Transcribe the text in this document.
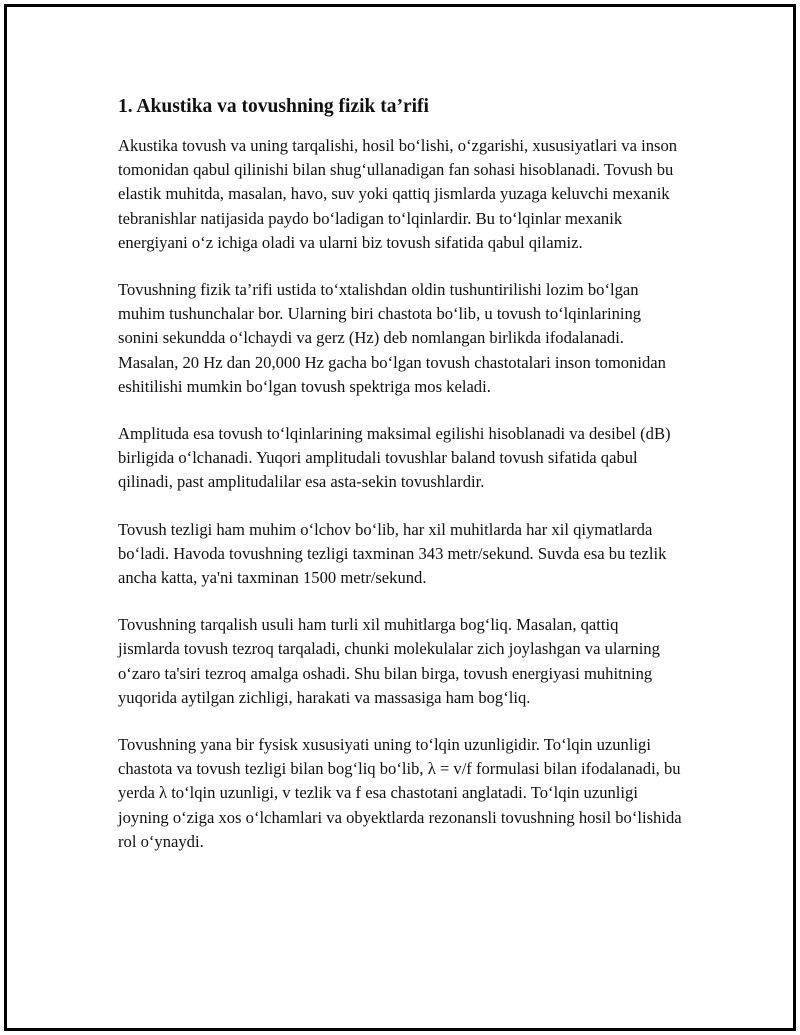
1. Akustika va tovushning fizik ta’rifi

Akustika tovush va uning tarqalishi, hosil bo‘lishi, o‘zgarishi, xususiyatlari va inson tomonidan qabul qilinishi bilan shug‘ullanadigan fan sohasi hisoblanadi. Tovush bu elastik muhitda, masalan, havo, suv yoki qattiq jismlarda yuzaga keluvchi mexanik tebranishlar natijasida paydo bo‘ladigan to‘lqinlardir. Bu to‘lqinlar mexanik energiyani o‘z ichiga oladi va ularni biz tovush sifatida qabul qilamiz.

Tovushning fizik ta’rifi ustida to‘xtalishdan oldin tushuntirilishi lozim bo‘lgan muhim tushunchalar bor. Ularning biri chastota bo‘lib, u tovush to‘lqinlarining sonini sekundda o‘lchaydi va gerz (Hz) deb nomlangan birlikda ifodalanadi. Masalan, 20 Hz dan 20,000 Hz gacha bo‘lgan tovush chastotalari inson tomonidan eshitilishi mumkin bo‘lgan tovush spektriga mos keladi.

Amplituda esa tovush to‘lqinlarining maksimal egilishi hisoblanadi va desibel (dB) birligida o‘lchanadi. Yuqori amplitudali tovushlar baland tovush sifatida qabul qilinadi, past amplitudalilar esa asta-sekin tovushlardir.

Tovush tezligi ham muhim o‘lchov bo‘lib, har xil muhitlarda har xil qiymatlarda bo‘ladi. Havoda tovushning tezligi taxminan 343 metr/sekund. Suvda esa bu tezlik ancha katta, ya'ni taxminan 1500 metr/sekund.

Tovushning tarqalish usuli ham turli xil muhitlarga bog‘liq. Masalan, qattiq jismlarda tovush tezroq tarqaladi, chunki molekulalar zich joylashgan va ularning o‘zaro ta'siri tezroq amalga oshadi. Shu bilan birga, tovush energiyasi muhitning yuqorida aytilgan zichligi, harakati va massasiga ham bog‘liq.

Tovushning yana bir fysisk xususiyati uning to‘lqin uzunligidir. To‘lqin uzunligi chastota va tovush tezligi bilan bog‘liq bo‘lib, λ = v/f formulasi bilan ifodalanadi, bu yerda λ to‘lqin uzunligi, v tezlik va f esa chastotani anglatadi. To‘lqin uzunligi joyning o‘ziga xos o‘lchamlari va obyektlarda rezonansli tovushning hosil bo‘lishida rol o‘ynaydi.
